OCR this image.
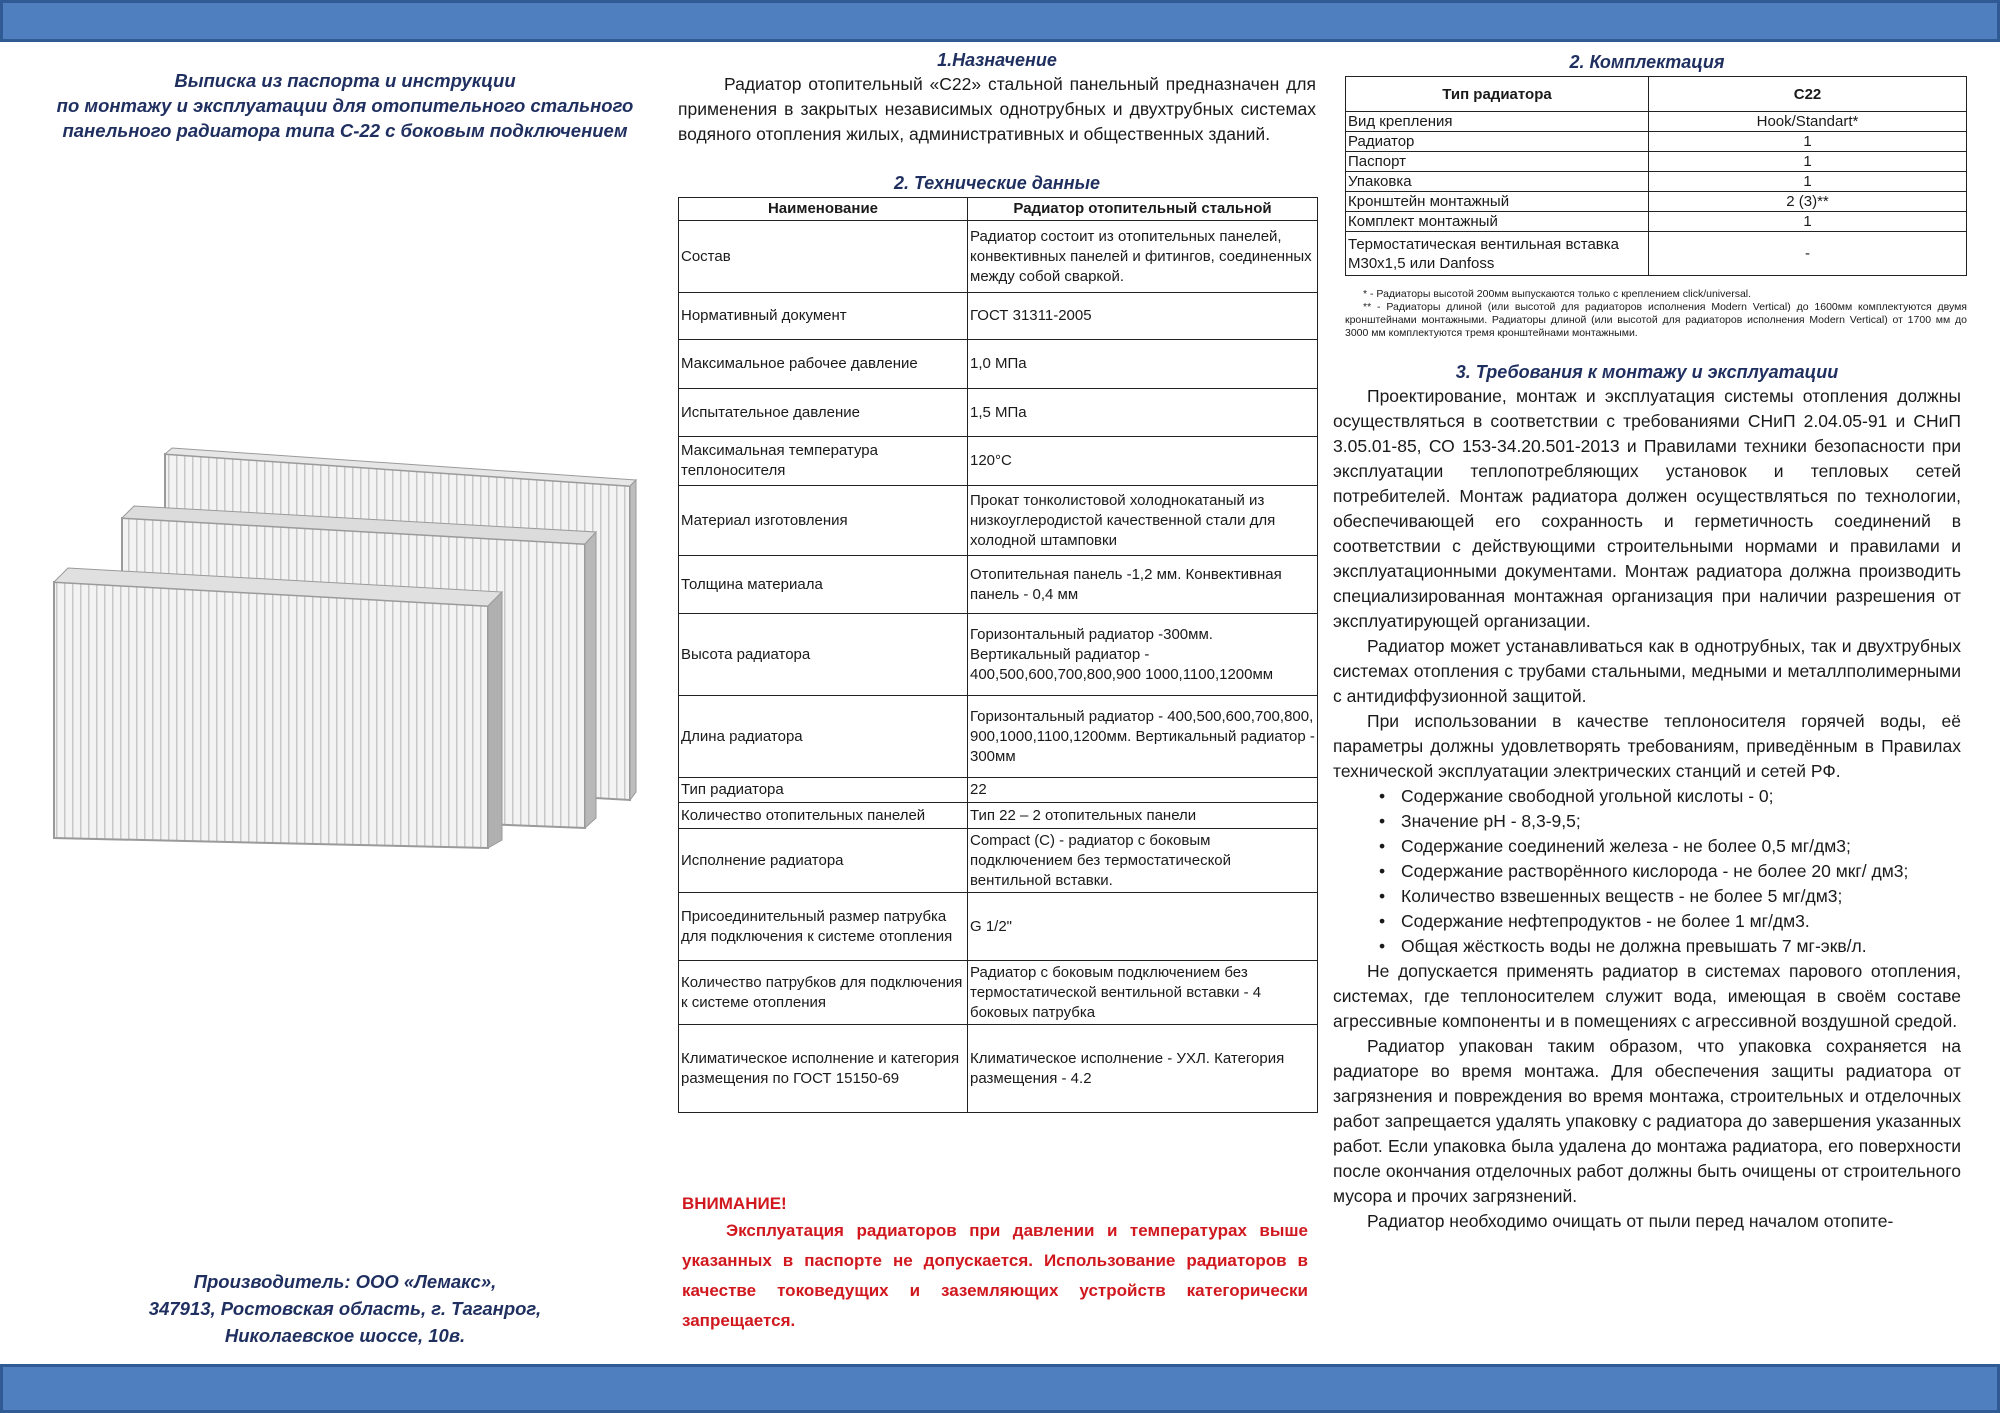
Выписка из паспорта и инструкции
по монтажу и эксплуатации для отопительного стального
панельного радиатора типа С-22 с боковым подключением
Производитель: ООО «Лемакс»,
347913, Ростовская область, г. Таганрог,
Николаевское шоссе, 10в.
1.Назначение

Радиатор отопительный «С22» стальной панельный предназначен для применения в закрытых независимых однотрубных и двухтрубных системах водяного отопления жилых, административных и общественных зданий.

2. Технические данные
Наименование	Радиатор отопительный стальной
Состав	Радиатор состоит из отопительных панелей, конвективных панелей и фитингов, соединенных между собой сваркой.
Нормативный документ	ГОСТ 31311-2005
Максимальное рабочее давление	1,0 МПа
Испытательное давление	1,5 МПа
Максимальная температура теплоносителя	120°С
Материал изготовления	Прокат тонколистовой холоднокатаный из низкоуглеродистой качественной стали для холодной штамповки
Толщина материала	Отопительная панель -1,2 мм. Конвективная панель - 0,4 мм
Высота радиатора	Горизонтальный радиатор -300мм. Вертикальный радиатор - 400,500,600,700,800,900 1000,1100,1200мм
Длина радиатора	Горизонтальный радиатор - 400,500,600,700,800, 900,1000,1100,1200мм. Вертикальный радиатор - 300мм
Тип радиатора	22
Количество отопительных панелей	Тип 22 – 2 отопительных панели
Исполнение радиатора	Compact (C) - радиатор с боковым подключением без термостатической вентильной вставки.
Присоединительный размер патрубка для подключения к системе отопления	G 1/2"
Количество патрубков для подключения к системе отопления	Радиатор с боковым подключением без термостатической вентильной вставки - 4 боковых патрубка
Климатическое исполнение и категория размещения по ГОСТ 15150-69	Климатическое исполнение - УХЛ. Категория размещения - 4.2
ВНИМАНИЕ!

Эксплуатация радиаторов при давлении и температурах выше указанных в паспорте не допускается. Использование радиаторов в качестве токоведущих и заземляющих устройств категорически запрещается.

2. Комплектация
Тип радиатора	С22
Вид крепления	Hook/Standart*
Радиатор	1
Паспорт	1
Упаковка	1
Кронштейн монтажный	2 (3)**
Комплект монтажный	1
Термостатическая вентильная вставка M30x1,5 или Danfoss	-

* - Радиаторы высотой 200мм выпускаются только с креплением click/universal.

** - Радиаторы длиной (или высотой для радиаторов исполнения Modern Vertical) до 1600мм комплектуются двумя кронштейнами монтажными. Радиаторы длиной (или высотой для радиаторов исполнения Modern Vertical) от 1700 мм до 3000 мм комплектуются тремя кронштейнами монтажными.

3. Требования к монтажу и эксплуатации

Проектирование, монтаж и эксплуатация системы отопления должны осуществляться в соответствии с требованиями СНиП 2.04.05-91 и СНиП 3.05.01-85, СО 153-34.20.501-2013 и Правилами техники безопасности при эксплуатации теплопотребляющих установок и тепловых сетей потребителей. Монтаж радиатора должен осуществляться по технологии, обеспечивающей его сохранность и герметичность соединений в соответствии с действующими строительными нормами и правилами и эксплуатационными документами. Монтаж радиатора должна производить специализированная монтажная организация при наличии разрешения от эксплуатирующей организации.

Радиатор может устанавливаться как в однотрубных, так и двухтрубных системах отопления с трубами стальными, медными и металлполимерными с антидиффузионной защитой.

При использовании в качестве теплоносителя горячей воды, её параметры должны удовлетворять требованиям, приведённым в Правилах технической эксплуатации электрических станций и сетей РФ.

• Содержание свободной угольной кислоты - 0;
• Значение pH - 8,3-9,5;
• Содержание соединений железа - не более 0,5 мг/дм3;
• Содержание растворённого кислорода - не более 20 мкг/ дм3;
• Количество взвешенных веществ - не более 5 мг/дм3;
• Содержание нефтепродуктов - не более 1 мг/дм3.
• Общая жёсткость воды не должна превышать 7 мг-экв/л.

Не допускается применять радиатор в системах парового отопления, системах, где теплоносителем служит вода, имеющая в своём составе агрессивные компоненты и в помещениях с агрессивной воздушной средой.

Радиатор упакован таким образом, что упаковка сохраняется на радиаторе во время монтажа. Для обеспечения защиты радиатора от загрязнения и повреждения во время монтажа, строительных и отделочных работ запрещается удалять упаковку с радиатора до завершения указанных работ. Если упаковка была удалена до монтажа радиатора, его поверхности после окончания отделочных работ должны быть очищены от строительного мусора и прочих загрязнений.

Радиатор необходимо очищать от пыли перед началом отопите-
